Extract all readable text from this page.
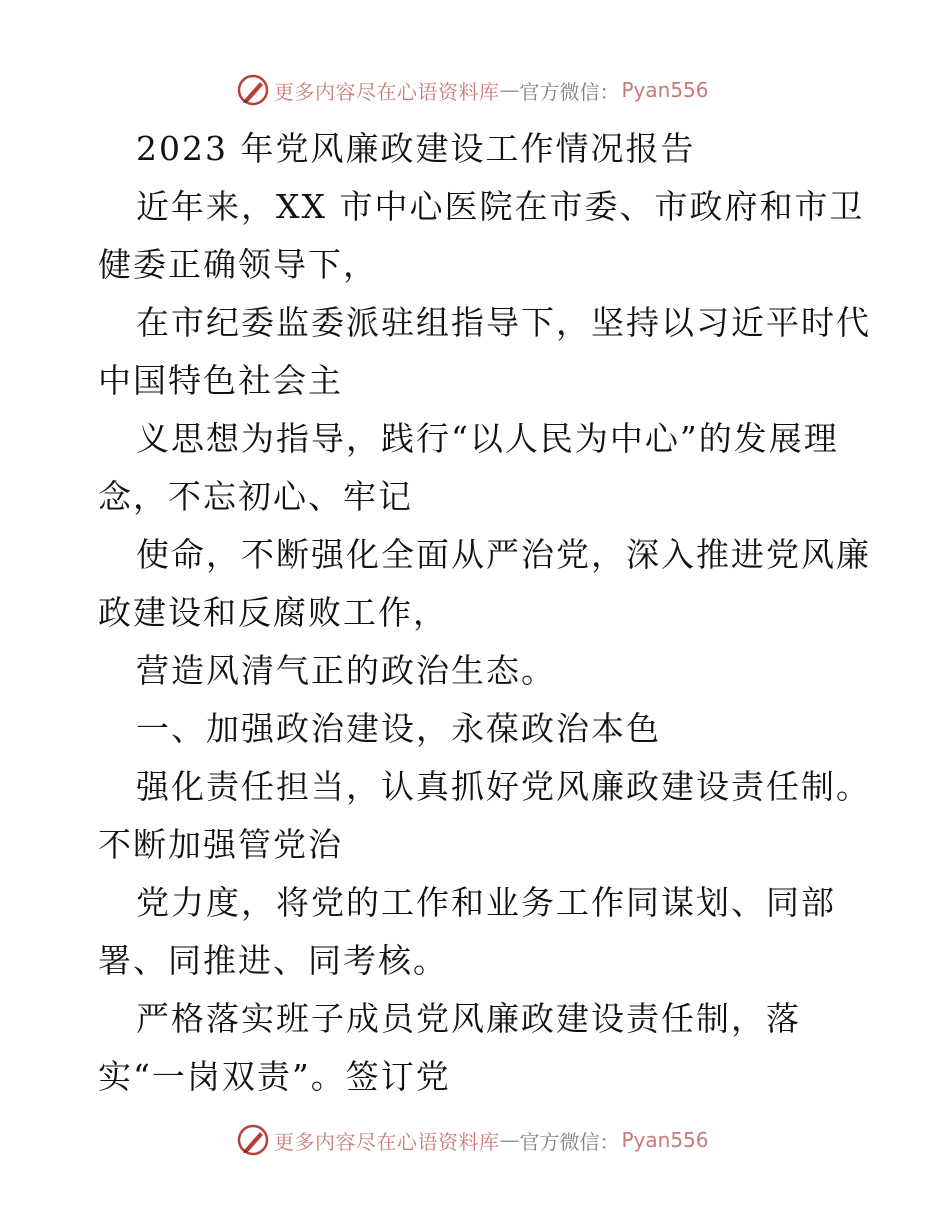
更多内容尽在心语资料库 — 官方微信： Pyan556
2023 年党风廉政建设工作情况报告
近年来，XX 市中心医院在市委、市政府和市卫
健委正确领导下，
在市纪委监委派驻组指导下，坚持以习近平时代
中国特色社会主
义思想为指导，践行“以人民为中心”的发展理
念，不忘初心、牢记
使命，不断强化全面从严治党，深入推进党风廉
政建设和反腐败工作，
营造风清气正的政治生态。
一、加强政治建设，永葆政治本色
强化责任担当，认真抓好党风廉政建设责任制。
不断加强管党治
党力度，将党的工作和业务工作同谋划、同部
署、同推进、同考核。
严格落实班子成员党风廉政建设责任制，落
实“一岗双责”。签订党
更多内容尽在心语资料库 — 官方微信： Pyan556
